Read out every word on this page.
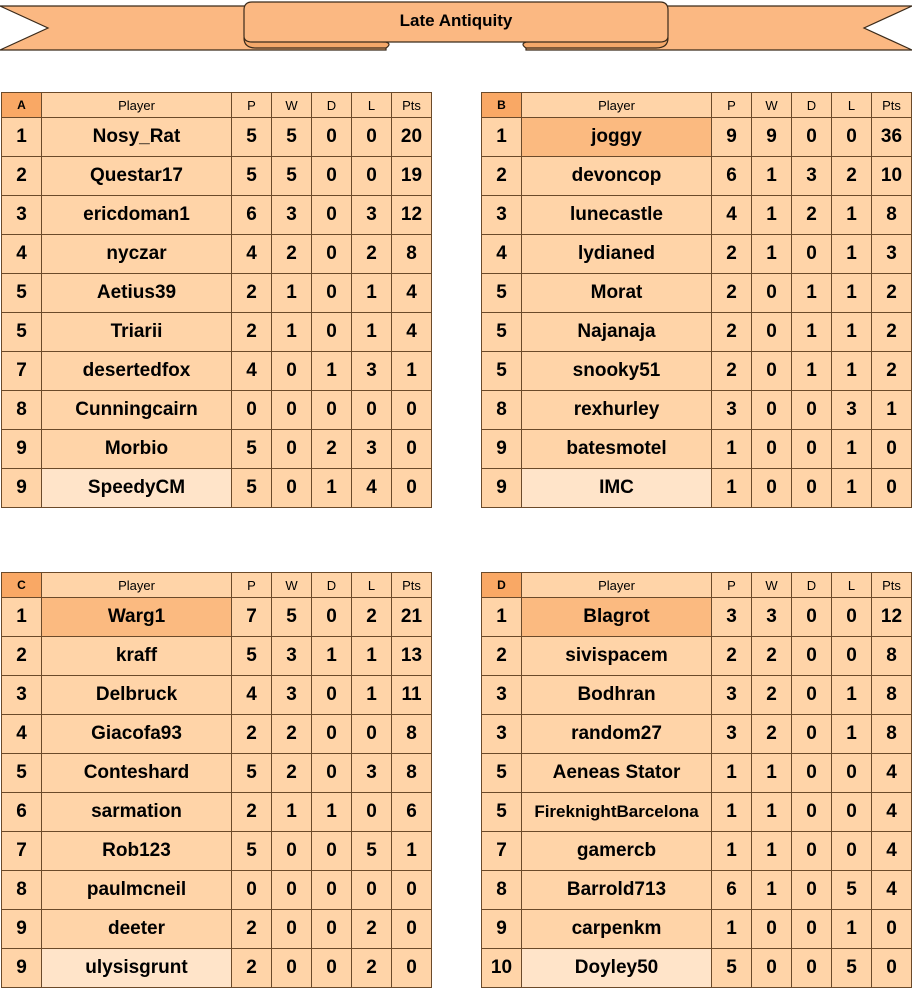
Late Antiquity
A	Player	P	W	D	L	Pts
1	Nosy_Rat	5	5	0	0	20
2	Questar17	5	5	0	0	19
3	ericdoman1	6	3	0	3	12
4	nyczar	4	2	0	2	8
5	Aetius39	2	1	0	1	4
5	Triarii	2	1	0	1	4
7	desertedfox	4	0	1	3	1
8	Cunningcairn	0	0	0	0	0
9	Morbio	5	0	2	3	0
9	SpeedyCM	5	0	1	4	0
B	Player	P	W	D	L	Pts
1	joggy	9	9	0	0	36
2	devoncop	6	1	3	2	10
3	lunecastle	4	1	2	1	8
4	lydianed	2	1	0	1	3
5	Morat	2	0	1	1	2
5	Najanaja	2	0	1	1	2
5	snooky51	2	0	1	1	2
8	rexhurley	3	0	0	3	1
9	batesmotel	1	0	0	1	0
9	IMC	1	0	0	1	0
C	Player	P	W	D	L	Pts
1	Warg1	7	5	0	2	21
2	kraff	5	3	1	1	13
3	Delbruck	4	3	0	1	11
4	Giacofa93	2	2	0	0	8
5	Conteshard	5	2	0	3	8
6	sarmation	2	1	1	0	6
7	Rob123	5	0	0	5	1
8	paulmcneil	0	0	0	0	0
9	deeter	2	0	0	2	0
9	ulysisgrunt	2	0	0	2	0
D	Player	P	W	D	L	Pts
1	Blagrot	3	3	0	0	12
2	sivispacem	2	2	0	0	8
3	Bodhran	3	2	0	1	8
3	random27	3	2	0	1	8
5	Aeneas Stator	1	1	0	0	4
5	FireknightBarcelona	1	1	0	0	4
7	gamercb	1	1	0	0	4
8	Barrold713	6	1	0	5	4
9	carpenkm	1	0	0	1	0
10	Doyley50	5	0	0	5	0
